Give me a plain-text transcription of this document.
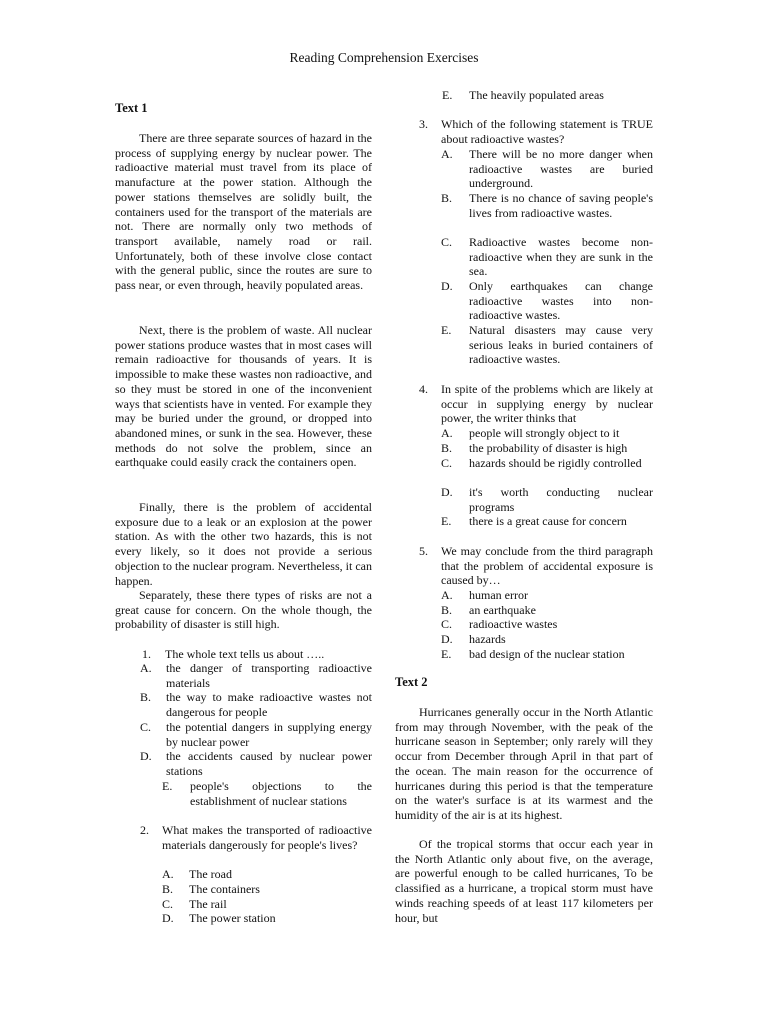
Reading Comprehension Exercises
Text 1

There are three separate sources of hazard in the process of supplying energy by nuclear power. The radioactive material must travel from its place of manufacture at the power station. Although the power stations themselves are solidly built, the containers used for the transport of the materials are not. There are normally only two methods of transport available, namely road or rail. Unfortunately, both of these involve close contact with the general public, since the routes are sure to pass near, or even through, heavily populated areas.

Next, there is the problem of waste. All nuclear power stations produce wastes that in most cases will remain radioactive for thousands of years. It is impossible to make these wastes non radioactive, and so they must be stored in one of the inconvenient ways that scientists have in vented. For example they may be buried under the ground, or dropped into abandoned mines, or sunk in the sea. However, these methods do not solve the problem, since an earthquake could easily crack the containers open.

Finally, there is the problem of accidental exposure due to a leak or an explosion at the power station. As with the other two hazards, this is not every likely, so it does not provide a serious objection to the nuclear program. Nevertheless, it can happen.

Separately, these there types of risks are not a great cause for concern. On the whole though, the probability of disaster is still high.

1. The whole text tells us about …..
A. the danger of transporting radioactive materials
B. the way to make radioactive wastes not dangerous for people
C. the potential dangers in supplying energy by nuclear power
D. the accidents caused by nuclear power stations
E. people's objections to the establishment of nuclear stations
2. What makes the transported of radioactive materials dangerously for people's lives?
A. The road
B. The containers
C. The rail
D. The power station
E. The heavily populated areas
3. Which of the following statement is TRUE about radioactive wastes?
A. There will be no more danger when radioactive wastes are buried underground.
B. There is no chance of saving people's lives from radioactive wastes.
C. Radioactive wastes become non-radioactive when they are sunk in the sea.
D. Only earthquakes can change radioactive wastes into non-radioactive wastes.
E. Natural disasters may cause very serious leaks in buried containers of radioactive wastes.
4. In spite of the problems which are likely at occur in supplying energy by nuclear power, the writer thinks that
A. people will strongly object to it
B. the probability of disaster is high
C. hazards should be rigidly controlled
D. it's worth conducting nuclear programs
E. there is a great cause for concern
5. We may conclude from the third paragraph that the problem of accidental exposure is caused by…
A. human error
B. an earthquake
C. radioactive wastes
D. hazards
E. bad design of the nuclear station
Text 2

Hurricanes generally occur in the North Atlantic from may through November, with the peak of the hurricane season in September; only rarely will they occur from December through April in that part of the ocean. The main reason for the occurrence of hurricanes during this period is that the temperature on the water's surface is at its warmest and the humidity of the air is at its highest.

Of the tropical storms that occur each year in the North Atlantic only about five, on the average, are powerful enough to be called hurricanes, To be classified as a hurricane, a tropical storm must have winds reaching speeds of at least 117 kilometers per hour, but
